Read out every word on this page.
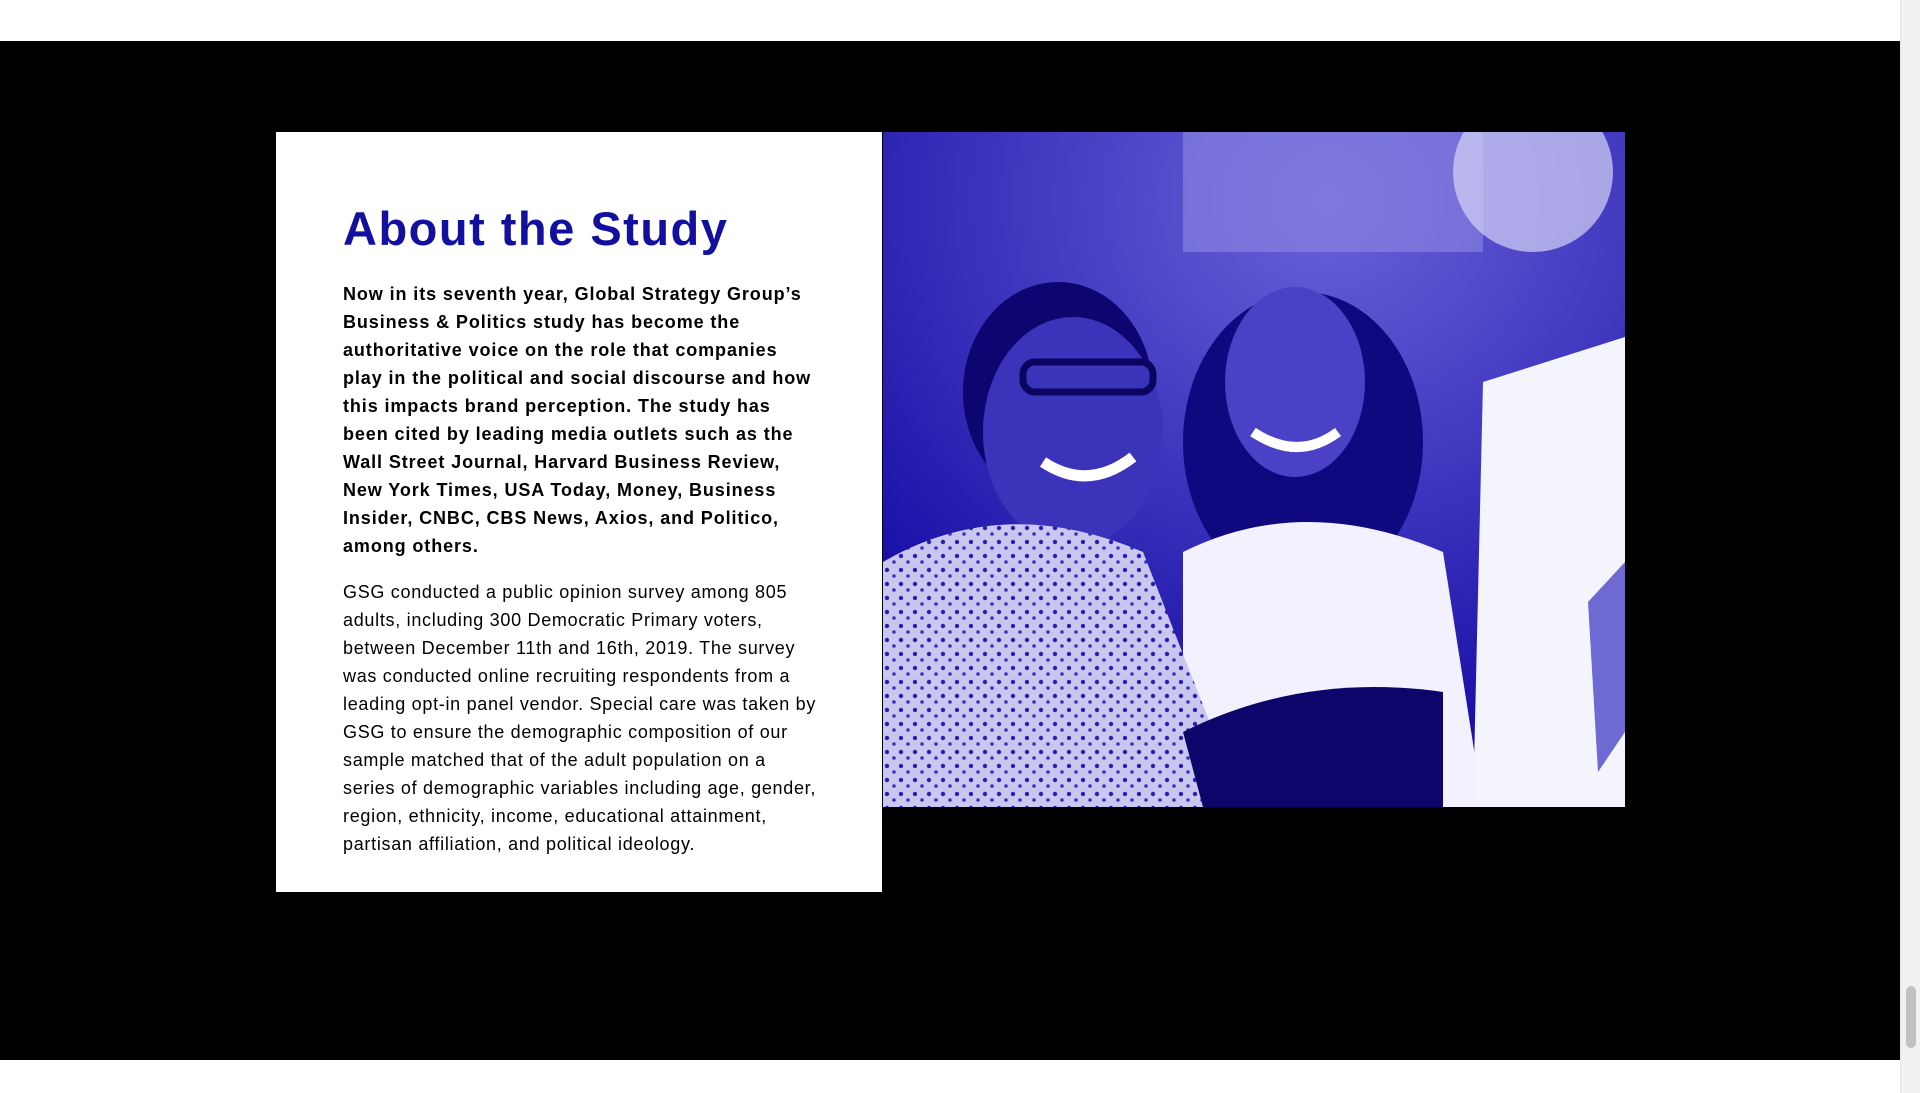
About the Study

Now in its seventh year, Global Strategy Group’s Business & Politics study has become the authoritative voice on the role that companies play in the political and social discourse and how this impacts brand perception. The study has been cited by leading media outlets such as the Wall Street Journal, Harvard Business Review, New York Times, USA Today, Money, Business Insider, CNBC, CBS News, Axios, and Politico, among others.

GSG conducted a public opinion survey among 805 adults, including 300 Democratic Primary voters, between December 11th and 16th, 2019. The survey was conducted online recruiting respondents from a leading opt-in panel vendor. Special care was taken by GSG to ensure the demographic composition of our sample matched that of the adult population on a series of demographic variables including age, gender, region, ethnicity, income, educational attainment, partisan affiliation, and political ideology.
